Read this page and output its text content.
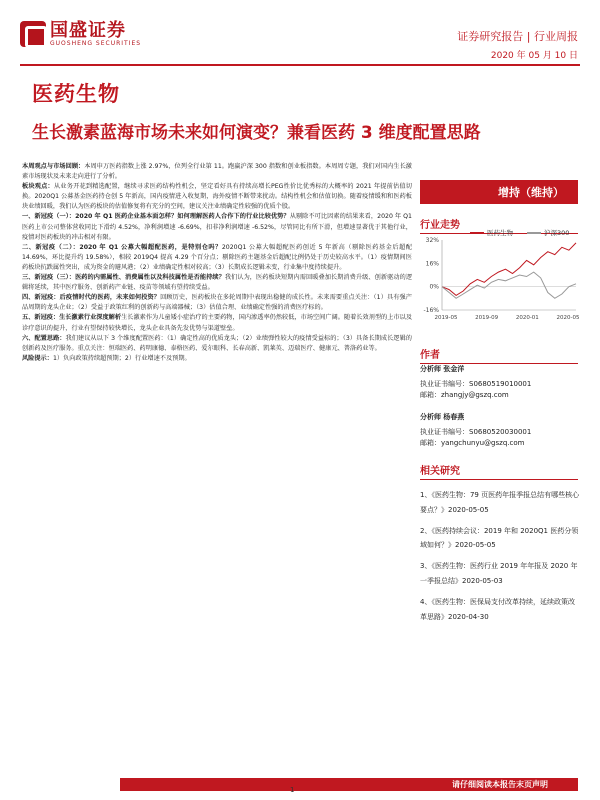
国盛证券
GUOSHENG SECURITIES	证券研究报告 | 行业周报
2020 年 05 月 10 日
医药生物
生长激素蓝海市场未来如何演变？兼看医药 3 维度配置思路

本周观点与市场回顾：本周申万医药指数上涨 2.97%，位列全行业第 11。跑赢沪深 300 指数和创业板指数。本周周专题，我们对国内生长激素市场现状及未来走向进行了分析。

板块观点：从业务开花到精选配置，继续寻求医药结构性机会，坚定看好具有持续高增长PEG性价比优秀标的大概率的 2021 年提前估值切换。2020Q1 公募基金医药持仓创 5 年新高，国内疫情进入收复期，海外疫情不断带来扰动。结构性机会和估值切换。随着疫情缓和和医药板块业绩回暖，我们认为医药板块的估值修复将有充分的空间，建议关注业绩确定性较强的优质个股。

一、新冠疫（一）：2020 年 Q1 医药企业基本面怎样？如何理解医药人合作下的行业比较优势？从剔除不可比因素的结果来看，2020 年 Q1 医药上市公司整体营收同比下滑约 4.52%，净利润增速 -6.69%，扣非净利润增速 -6.52%，尽管同比有所下滑，但增速显著优于其他行业，疫情对医药板块的冲击相对有限。

二、新冠疫（二）：2020 年 Q1 公募大幅超配医药，是特别仓吗？2020Q1 公募大幅超配医药创近 5 年新高（剔除医药基金后超配 14.69%，环比提升约 19.58%），相较 2019Q4 提高 4.29 个百分点；剔除医药主题基金后超配比例仍处于历史较高水平。（1）疫情期间医药板块抗跌属性突出，成为资金的避风港；（2）业绩确定性相对较高；（3）长期成长逻辑未变，行业集中度持续提升。

三、新冠疫（三）：医药的内需属性、消费属性以及科技属性是否能持续？我们认为，医药板块短期内需回暖叠加长期消费升级、创新驱动的逻辑将延续，其中医疗服务、创新药产业链、疫苗等领域有望持续受益。

四、新冠疫：后疫情时代的医药，未来如何投资？回顾历史，医药板块在多轮周期中表现出稳健的成长性。未来需要重点关注：（1）具有强产品周期的龙头企业；（2）受益于政策红利的创新药与高端器械；（3）估值合理、业绩确定性强的消费医疗标的。

五、新冠疫：生长激素行业深度解析生长激素作为儿童矮小症治疗的主要药物，国内渗透率仍然较低，市场空间广阔。随着长效剂型的上市以及诊疗意识的提升，行业有望保持较快增长，龙头企业具备先发优势与渠道壁垒。

六、配置思路：我们建议从以下 3 个维度配置医药：（1）确定性高的优质龙头；（2）业绩弹性较大的疫情受益标的；（3）具备长期成长逻辑的创新药及医疗服务。重点关注：恒瑞医药、药明康德、泰格医药、爱尔眼科、长春高新、凯莱英、迈瑞医疗、健康元、普洛药业等。

风险提示：1）负向政策持续超预期；2）行业增速不及预期。

增持（维持）
行业走势
医药生物	沪深300
32%
16%
0%
-16%
2019-05	2019-09	2020-01	2020-05
作者
分析师 张金洋
执业证书编号：S0680519010001
邮箱：zhangjy@gszq.com
分析师 杨春燕
执业证书编号：S0680520030001
邮箱：yangchunyu@gszq.com
相关研究
1、《医药生物：79 页医药年报季报总结有哪些核心要点？》2020-05-05
2、《医药持续会议：2019 年和 2020Q1 医药分领域如何？》2020-05-05
3、《医药生物：医药行业 2019 年年报及 2020 年一季报总结》2020-05-03
4、《医药生物：医保局支付改革持续，延续政策改革思路》2020-04-30
请仔细阅读本报告末页声明
1
